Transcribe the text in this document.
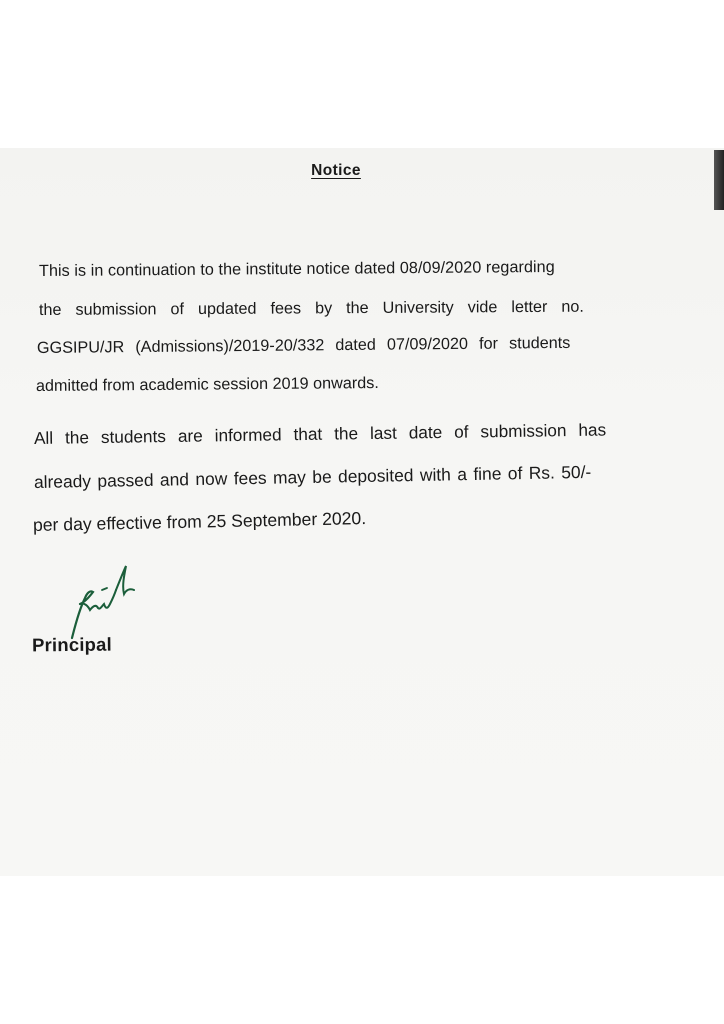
Notice
This is in continuation to the institute notice dated 08/09/2020 regarding
the submission of updated fees by the University vide letter no.
GGSIPU/JR (Admissions)/2019-20/332 dated 07/09/2020 for students
admitted from academic session 2019 onwards.
All the students are informed that the last date of submission has
already passed and now fees may be deposited with a fine of Rs. 50/-
per day effective from 25 September 2020.
Principal
